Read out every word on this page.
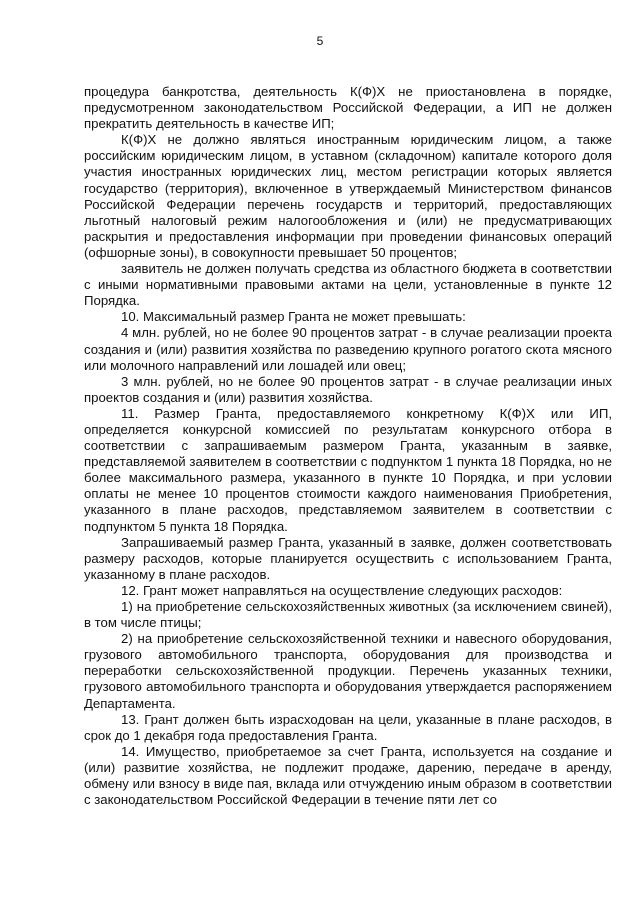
5

процедура банкротства, деятельность К(Ф)Х не приостановлена в порядке, предусмотренном законодательством Российской Федерации, а ИП не должен прекратить деятельность в качестве ИП;

К(Ф)Х не должно являться иностранным юридическим лицом, а также российским юридическим лицом, в уставном (складочном) капитале которого доля участия иностранных юридических лиц, местом регистрации которых является государство (территория), включенное в утверждаемый Министерством финансов Российской Федерации перечень государств и территорий, предоставляющих льготный налоговый режим налогообложения и (или) не предусматривающих раскрытия и предоставления информации при проведении финансовых операций (офшорные зоны), в совокупности превышает 50 процентов;

заявитель не должен получать средства из областного бюджета в соответствии с иными нормативными правовыми актами на цели, установленные в пункте 12 Порядка.

10. Максимальный размер Гранта не может превышать:

4 млн. рублей, но не более 90 процентов затрат - в случае реализации проекта создания и (или) развития хозяйства по разведению крупного рогатого скота мясного или молочного направлений или лошадей или овец;

3 млн. рублей, но не более 90 процентов затрат - в случае реализации иных проектов создания и (или) развития хозяйства.

11. Размер Гранта, предоставляемого конкретному К(Ф)Х или ИП, определяется конкурсной комиссией по результатам конкурсного отбора в соответствии с запрашиваемым размером Гранта, указанным в заявке, представляемой заявителем в соответствии с подпунктом 1 пункта 18 Порядка, но не более максимального размера, указанного в пункте 10 Порядка, и при условии оплаты не менее 10 процентов стоимости каждого наименования Приобретения, указанного в плане расходов, представляемом заявителем в соответствии с подпунктом 5 пункта 18 Порядка.

Запрашиваемый размер Гранта, указанный в заявке, должен соответствовать размеру расходов, которые планируется осуществить с использованием Гранта, указанному в плане расходов.

12. Грант может направляться на осуществление следующих расходов:

1) на приобретение сельскохозяйственных животных (за исключением свиней), в том числе птицы;

2) на приобретение сельскохозяйственной техники и навесного оборудования, грузового автомобильного транспорта, оборудования для производства и переработки сельскохозяйственной продукции. Перечень указанных техники, грузового автомобильного транспорта и оборудования утверждается распоряжением Департамента.

13. Грант должен быть израсходован на цели, указанные в плане расходов, в срок до 1 декабря года предоставления Гранта.

14. Имущество, приобретаемое за счет Гранта, используется на создание и (или) развитие хозяйства, не подлежит продаже, дарению, передаче в аренду, обмену или взносу в виде пая, вклада или отчуждению иным образом в соответствии с законодательством Российской Федерации в течение пяти лет со
